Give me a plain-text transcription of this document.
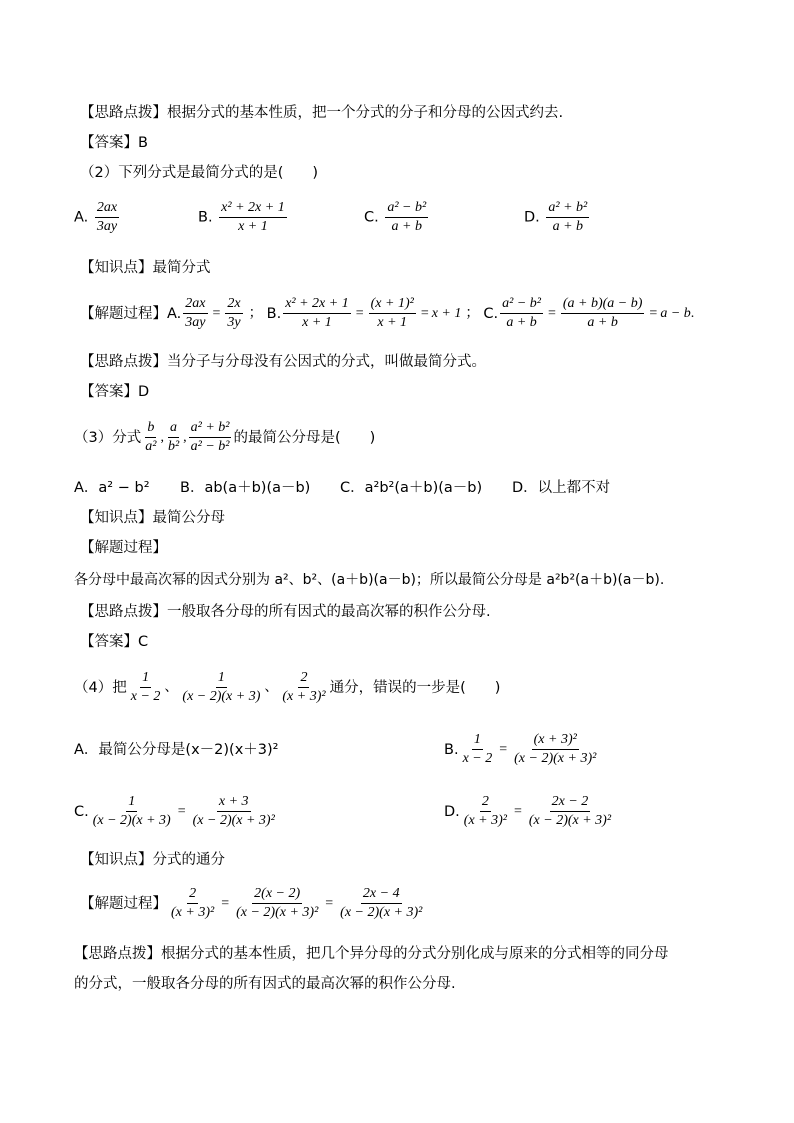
【思路点拨】根据分式的基本性质，把一个分式的分子和分母的公因式约去.
【答案】B
（2）下列分式是最简分式的是(　　)
A. $\frac{2ax}{3ay}$	B. $\frac{\text{x² + 2x + 1}}{x + 1}$	C. $\frac{\text{a² − b²}}{a + b}$	D. $\frac{\text{a² + b²}}{a + b}$
【知识点】最简分式
【解题过程】 A. $\frac{2ax}{3ay} = \frac{2x}{3y}$ ； B. $\frac{\text{x² + 2x + 1}}{x + 1} = \frac{\text{(x + 1)²}}{x + 1} = x + 1$ ； C. $\frac{\text{a² − b²}}{a + b} = \frac{(a + b)(a - b)}{a + b} = a - b$ .
【思路点拨】当分子与分母没有公因式的分式，叫做最简分式。
【答案】D
（3）分式 $\frac{b}{\text{a²}}$ , $\frac{a}{\text{b²}}$ , $\frac{\text{a² + b²}}{\text{a² − b²}}$ 的最简公分母是(　　)
A．a² − b² B．ab(a＋b)(a－b) C．a²b²(a＋b)(a－b) D．以上都不对
【知识点】最简公分母
【解题过程】
各分母中最高次幂的因式分别为 a²、b²、(a＋b)(a－b)；所以最简公分母是 a²b²(a＋b)(a－b).
【思路点拨】一般取各分母的所有因式的最高次幂的积作公分母.
【答案】C
（4）把 $\frac{1}{x - 2}$ 、 $\frac{1}{(x - 2)(x + 3)}$ 、 $\frac{2}{\text{(x + 3)²}}$ 通分，错误的一步是(　　)
A．最简公分母是(x－2)(x＋3)²	B. $\frac{1}{x - 2} = \frac{\text{(x + 3)²}}{\text{(x − 2)(x + 3)²}}$
C. $\frac{1}{(x - 2)(x + 3)} = \frac{x + 3}{\text{(x − 2)(x + 3)²}}$	D. $\frac{2}{\text{(x + 3)²}} = \frac{2x - 2}{\text{(x − 2)(x + 3)²}}$
【知识点】分式的通分
【解题过程】 $\frac{2}{\text{(x + 3)²}} = \frac{2(x - 2)}{\text{(x − 2)(x + 3)²}} = \frac{2x - 4}{\text{(x − 2)(x + 3)²}}$
【思路点拨】根据分式的基本性质，把几个异分母的分式分别化成与原来的分式相等的同分母
的分式，一般取各分母的所有因式的最高次幂的积作公分母.
